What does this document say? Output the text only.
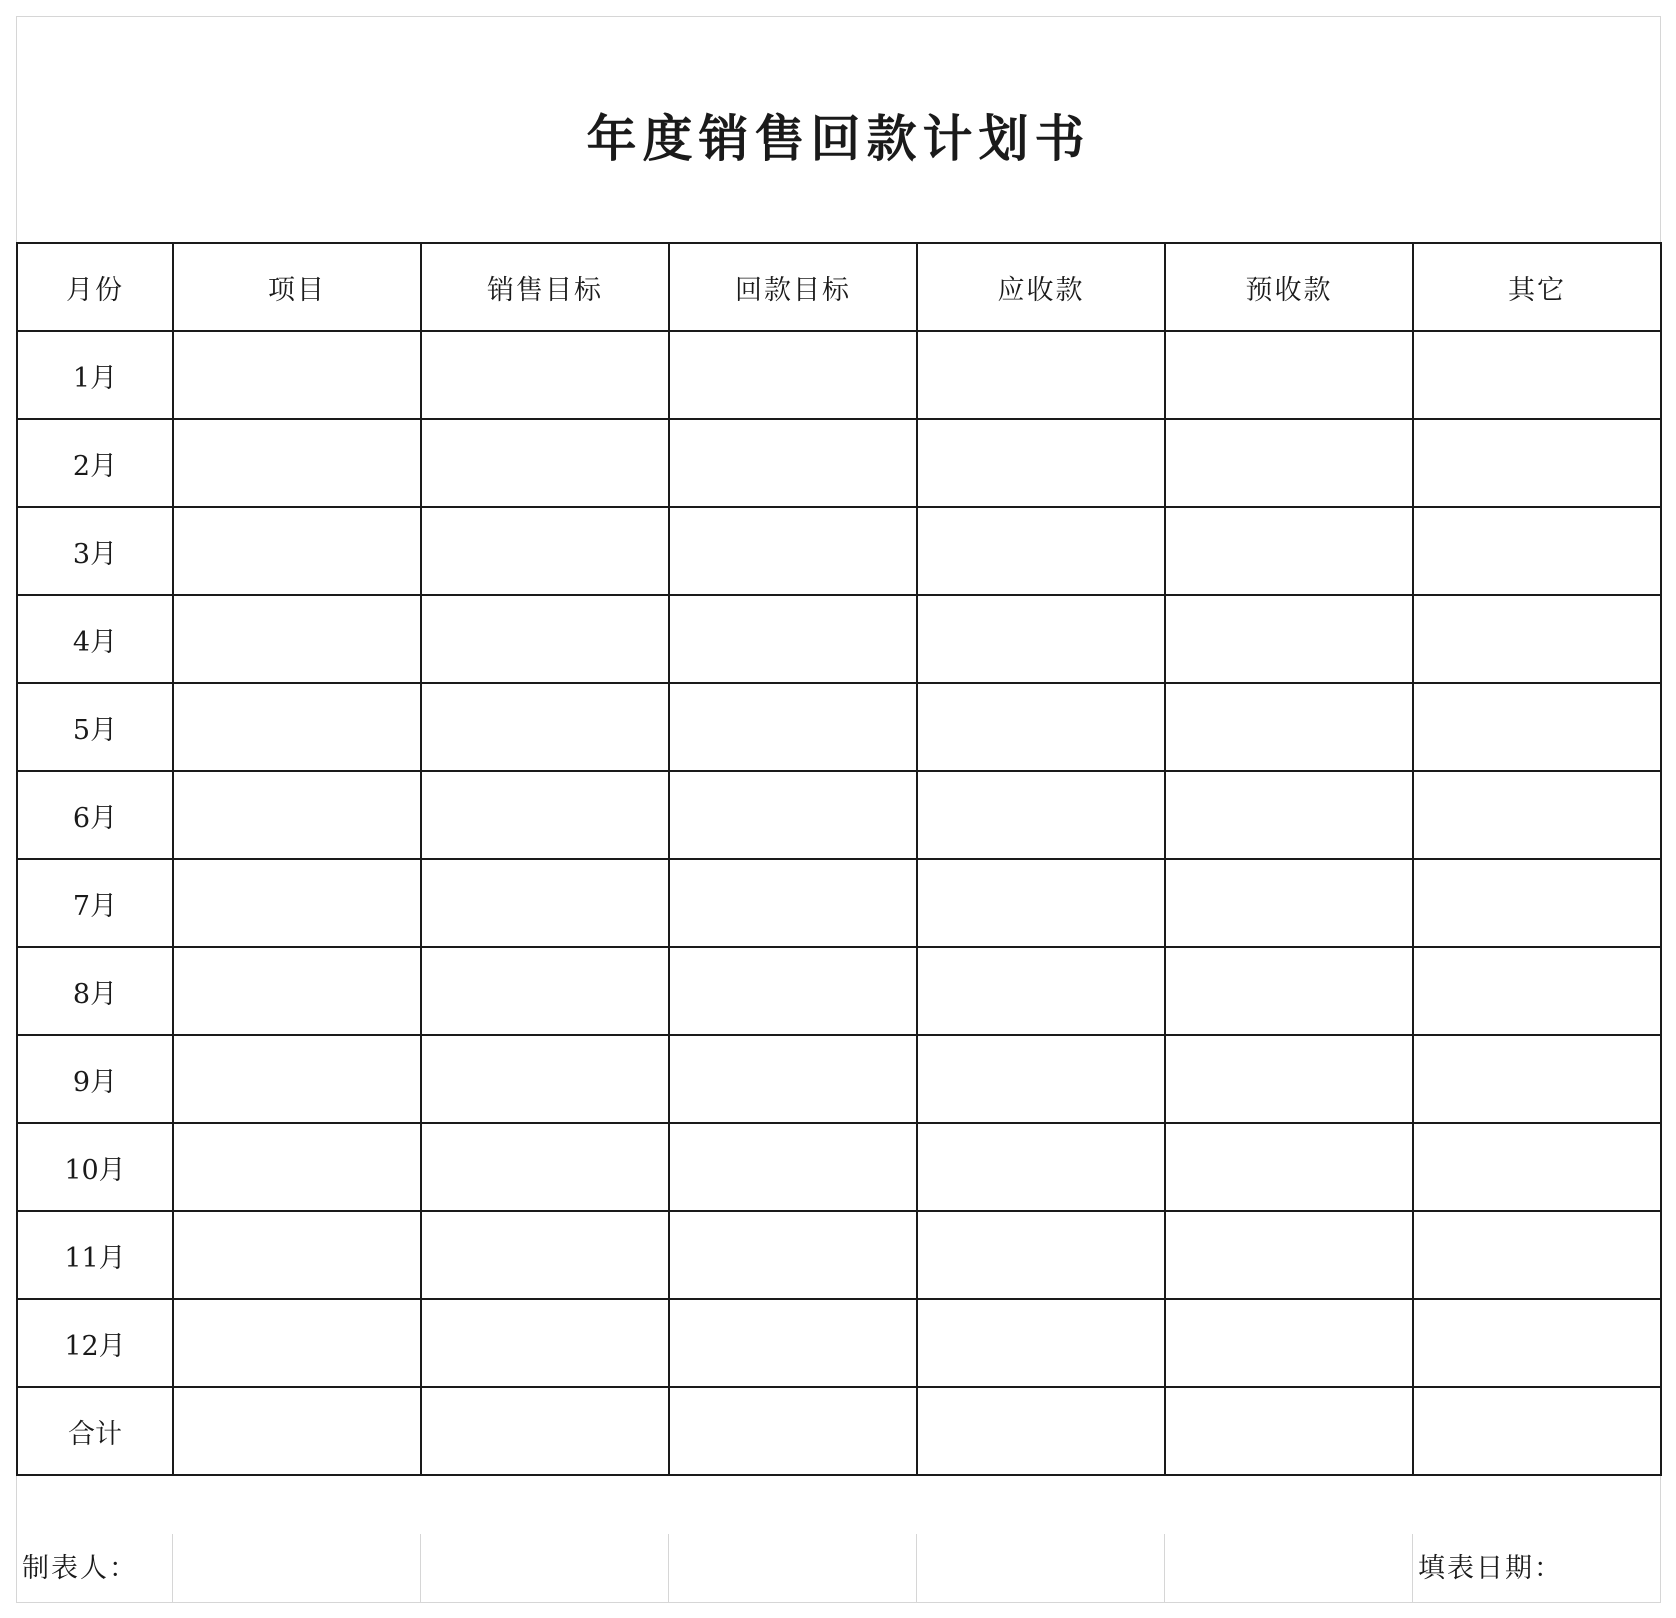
年度销售回款计划书
月份	项目	销售目标	回款目标	应收款	预收款	其它
1月						
2月						
3月						
4月						
5月						
6月						
7月						
8月						
9月						
10月						
11月						
12月						
合计						
制表人：	填表日期：
